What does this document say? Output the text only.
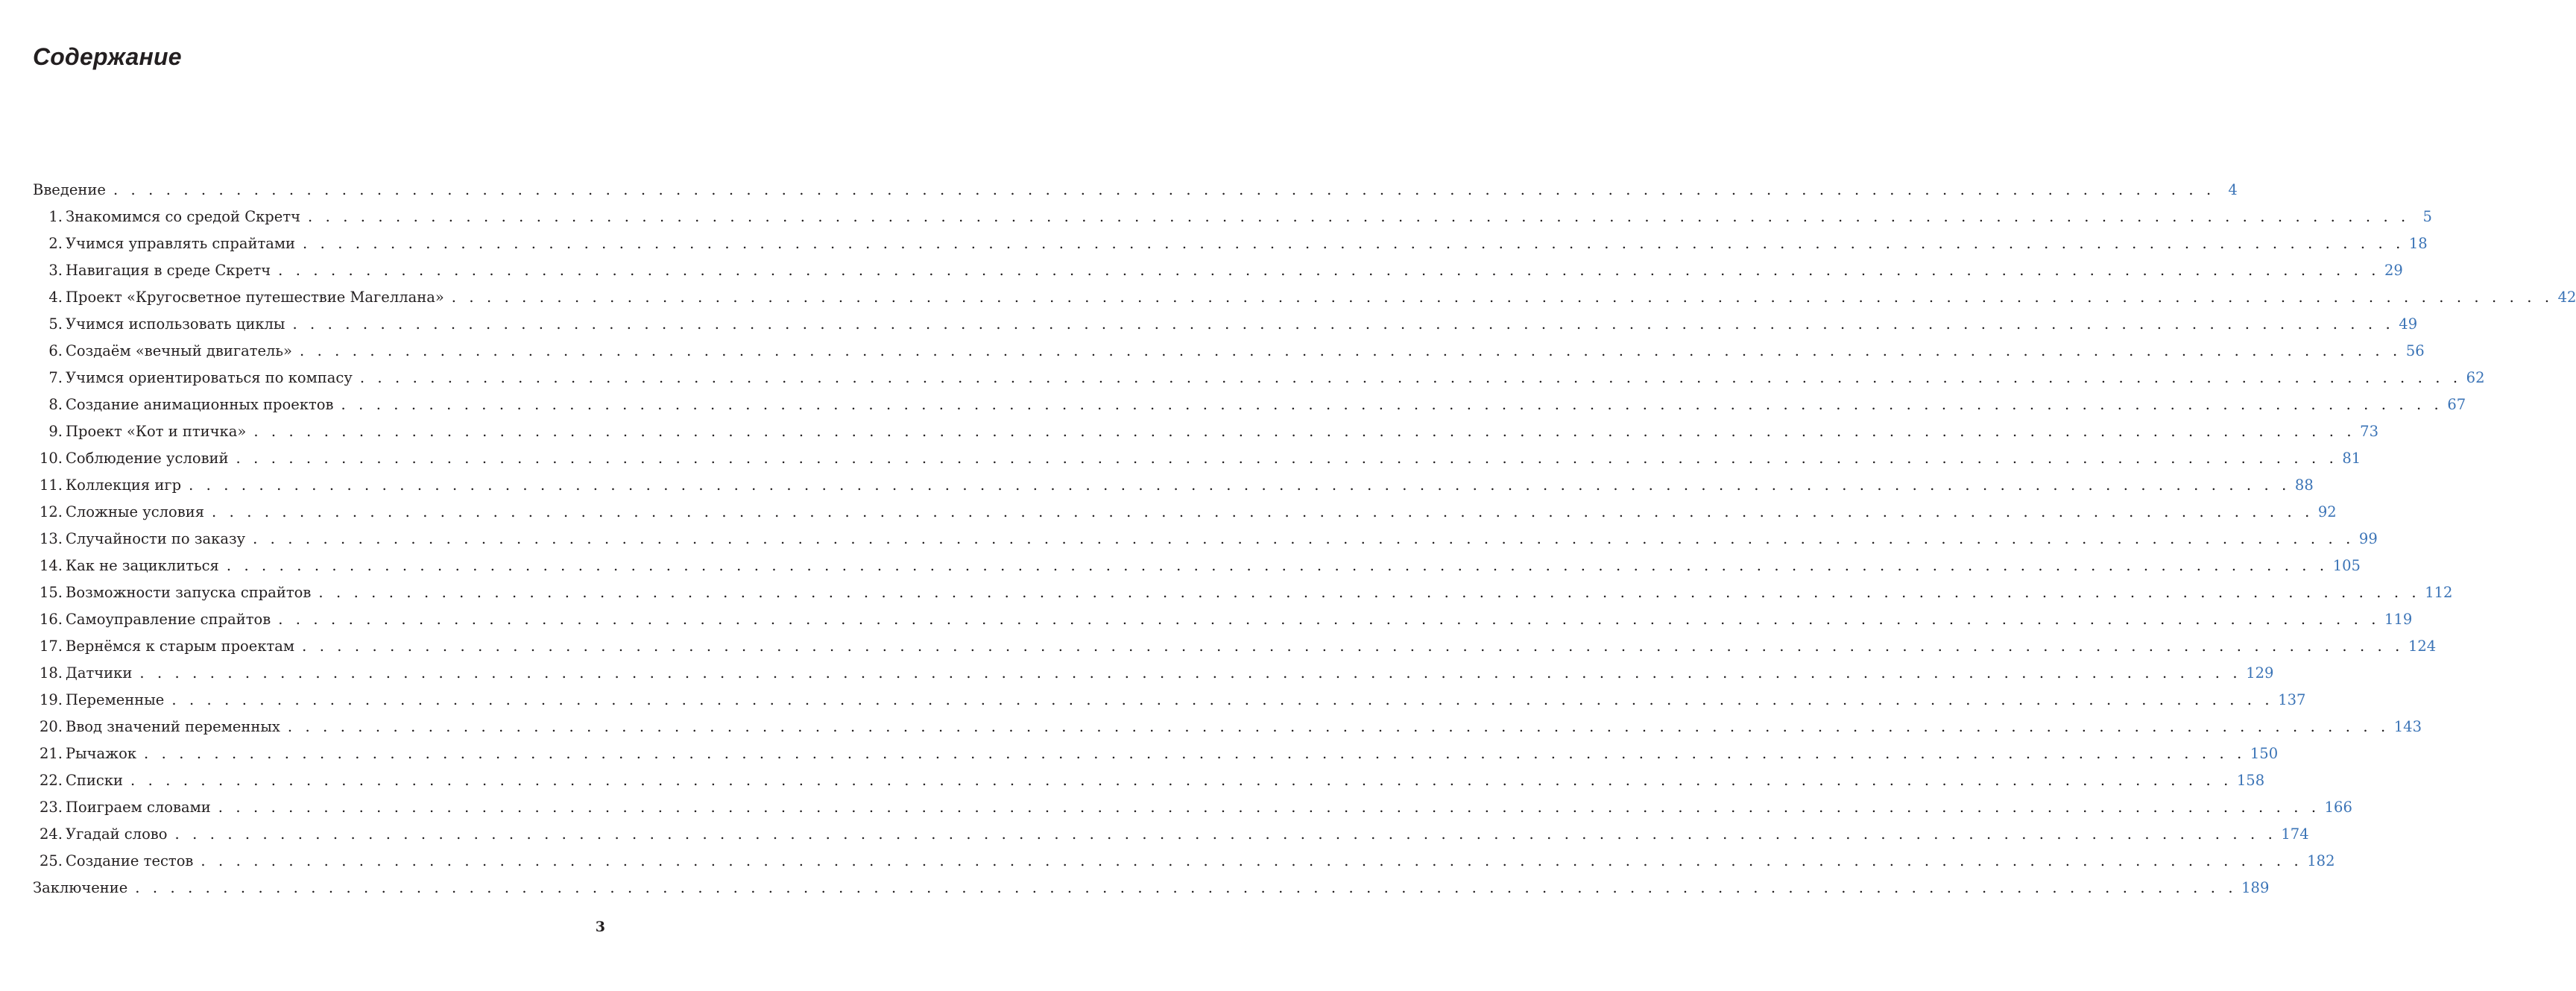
Содержание
Введение . . . . . . . . . . . . . . . . . . . . . . . . . . . . . . . . . . . . . . . . . . . . . . . . . . . . . . . . . . . . . . . . . . . . . . . . . . . . . . . . . . . . . . . . . . . . . . . . . . . . . . . . . . . . . . . . . . . . . . . . 4
1. Знакомимся со средой Скретч . . . . . . . . . . . . . . . . . . . . . . . . . . . . . . . . . . . . . . . . . . . . . . . . . . . . . . . . . . . . . . . . . . . . . . . . . . . . . . . . . . . . . . . . . . . . . . . . . . . . . . . . . . . . . . . . . . . . . . . . 5
2. Учимся управлять спрайтами . . . . . . . . . . . . . . . . . . . . . . . . . . . . . . . . . . . . . . . . . . . . . . . . . . . . . . . . . . . . . . . . . . . . . . . . . . . . . . . . . . . . . . . . . . . . . . . . . . . . . . . . . . . . . . . . . . . . . . . . 18
3. Навигация в среде Скретч . . . . . . . . . . . . . . . . . . . . . . . . . . . . . . . . . . . . . . . . . . . . . . . . . . . . . . . . . . . . . . . . . . . . . . . . . . . . . . . . . . . . . . . . . . . . . . . . . . . . . . . . . . . . . . . . . . . . . . . . 29
4. Проект «Кругосветное путешествие Магеллана» . . . . . . . . . . . . . . . . . . . . . . . . . . . . . . . . . . . . . . . . . . . . . . . . . . . . . . . . . . . . . . . . . . . . . . . . . . . . . . . . . . . . . . . . . . . . . . . . . . . . . . . . . . . . . . . . . . . . . . . . 42
5. Учимся использовать циклы . . . . . . . . . . . . . . . . . . . . . . . . . . . . . . . . . . . . . . . . . . . . . . . . . . . . . . . . . . . . . . . . . . . . . . . . . . . . . . . . . . . . . . . . . . . . . . . . . . . . . . . . . . . . . . . . . . . . . . . . 49
6. Создаём «вечный двигатель» . . . . . . . . . . . . . . . . . . . . . . . . . . . . . . . . . . . . . . . . . . . . . . . . . . . . . . . . . . . . . . . . . . . . . . . . . . . . . . . . . . . . . . . . . . . . . . . . . . . . . . . . . . . . . . . . . . . . . . . . 56
7. Учимся ориентироваться по компасу . . . . . . . . . . . . . . . . . . . . . . . . . . . . . . . . . . . . . . . . . . . . . . . . . . . . . . . . . . . . . . . . . . . . . . . . . . . . . . . . . . . . . . . . . . . . . . . . . . . . . . . . . . . . . . . . . . . . . . . . 62
8. Создание анимационных проектов . . . . . . . . . . . . . . . . . . . . . . . . . . . . . . . . . . . . . . . . . . . . . . . . . . . . . . . . . . . . . . . . . . . . . . . . . . . . . . . . . . . . . . . . . . . . . . . . . . . . . . . . . . . . . . . . . . . . . . . . 67
9. Проект «Кот и птичка» . . . . . . . . . . . . . . . . . . . . . . . . . . . . . . . . . . . . . . . . . . . . . . . . . . . . . . . . . . . . . . . . . . . . . . . . . . . . . . . . . . . . . . . . . . . . . . . . . . . . . . . . . . . . . . . . . . . . . . . . 73
10. Соблюдение условий . . . . . . . . . . . . . . . . . . . . . . . . . . . . . . . . . . . . . . . . . . . . . . . . . . . . . . . . . . . . . . . . . . . . . . . . . . . . . . . . . . . . . . . . . . . . . . . . . . . . . . . . . . . . . . . . . . . . . . . . 81
11. Коллекция игр . . . . . . . . . . . . . . . . . . . . . . . . . . . . . . . . . . . . . . . . . . . . . . . . . . . . . . . . . . . . . . . . . . . . . . . . . . . . . . . . . . . . . . . . . . . . . . . . . . . . . . . . . . . . . . . . . . . . . . . . 88
12. Сложные условия . . . . . . . . . . . . . . . . . . . . . . . . . . . . . . . . . . . . . . . . . . . . . . . . . . . . . . . . . . . . . . . . . . . . . . . . . . . . . . . . . . . . . . . . . . . . . . . . . . . . . . . . . . . . . . . . . . . . . . . . 92
13. Случайности по заказу . . . . . . . . . . . . . . . . . . . . . . . . . . . . . . . . . . . . . . . . . . . . . . . . . . . . . . . . . . . . . . . . . . . . . . . . . . . . . . . . . . . . . . . . . . . . . . . . . . . . . . . . . . . . . . . . . . . . . . . . 99
14. Как не зациклиться . . . . . . . . . . . . . . . . . . . . . . . . . . . . . . . . . . . . . . . . . . . . . . . . . . . . . . . . . . . . . . . . . . . . . . . . . . . . . . . . . . . . . . . . . . . . . . . . . . . . . . . . . . . . . . . . . . . . . . . . 105
15. Возможности запуска спрайтов . . . . . . . . . . . . . . . . . . . . . . . . . . . . . . . . . . . . . . . . . . . . . . . . . . . . . . . . . . . . . . . . . . . . . . . . . . . . . . . . . . . . . . . . . . . . . . . . . . . . . . . . . . . . . . . . . . . . . . . . 112
16. Самоуправление спрайтов . . . . . . . . . . . . . . . . . . . . . . . . . . . . . . . . . . . . . . . . . . . . . . . . . . . . . . . . . . . . . . . . . . . . . . . . . . . . . . . . . . . . . . . . . . . . . . . . . . . . . . . . . . . . . . . . . . . . . . . . 119
17. Вернёмся к старым проектам . . . . . . . . . . . . . . . . . . . . . . . . . . . . . . . . . . . . . . . . . . . . . . . . . . . . . . . . . . . . . . . . . . . . . . . . . . . . . . . . . . . . . . . . . . . . . . . . . . . . . . . . . . . . . . . . . . . . . . . . 124
18. Датчики . . . . . . . . . . . . . . . . . . . . . . . . . . . . . . . . . . . . . . . . . . . . . . . . . . . . . . . . . . . . . . . . . . . . . . . . . . . . . . . . . . . . . . . . . . . . . . . . . . . . . . . . . . . . . . . . . . . . . . . . 129
19. Переменные . . . . . . . . . . . . . . . . . . . . . . . . . . . . . . . . . . . . . . . . . . . . . . . . . . . . . . . . . . . . . . . . . . . . . . . . . . . . . . . . . . . . . . . . . . . . . . . . . . . . . . . . . . . . . . . . . . . . . . . . 137
20. Ввод значений переменных . . . . . . . . . . . . . . . . . . . . . . . . . . . . . . . . . . . . . . . . . . . . . . . . . . . . . . . . . . . . . . . . . . . . . . . . . . . . . . . . . . . . . . . . . . . . . . . . . . . . . . . . . . . . . . . . . . . . . . . . 143
21. Рычажок . . . . . . . . . . . . . . . . . . . . . . . . . . . . . . . . . . . . . . . . . . . . . . . . . . . . . . . . . . . . . . . . . . . . . . . . . . . . . . . . . . . . . . . . . . . . . . . . . . . . . . . . . . . . . . . . . . . . . . . . 150
22. Списки . . . . . . . . . . . . . . . . . . . . . . . . . . . . . . . . . . . . . . . . . . . . . . . . . . . . . . . . . . . . . . . . . . . . . . . . . . . . . . . . . . . . . . . . . . . . . . . . . . . . . . . . . . . . . . . . . . . . . . . . 158
23. Поиграем словами . . . . . . . . . . . . . . . . . . . . . . . . . . . . . . . . . . . . . . . . . . . . . . . . . . . . . . . . . . . . . . . . . . . . . . . . . . . . . . . . . . . . . . . . . . . . . . . . . . . . . . . . . . . . . . . . . . . . . . . . 166
24. Угадай слово . . . . . . . . . . . . . . . . . . . . . . . . . . . . . . . . . . . . . . . . . . . . . . . . . . . . . . . . . . . . . . . . . . . . . . . . . . . . . . . . . . . . . . . . . . . . . . . . . . . . . . . . . . . . . . . . . . . . . . . . 174
25. Создание тестов . . . . . . . . . . . . . . . . . . . . . . . . . . . . . . . . . . . . . . . . . . . . . . . . . . . . . . . . . . . . . . . . . . . . . . . . . . . . . . . . . . . . . . . . . . . . . . . . . . . . . . . . . . . . . . . . . . . . . . . . 182
Заключение . . . . . . . . . . . . . . . . . . . . . . . . . . . . . . . . . . . . . . . . . . . . . . . . . . . . . . . . . . . . . . . . . . . . . . . . . . . . . . . . . . . . . . . . . . . . . . . . . . . . . . . . . . . . . . . . . . . . . . . . 189
3
